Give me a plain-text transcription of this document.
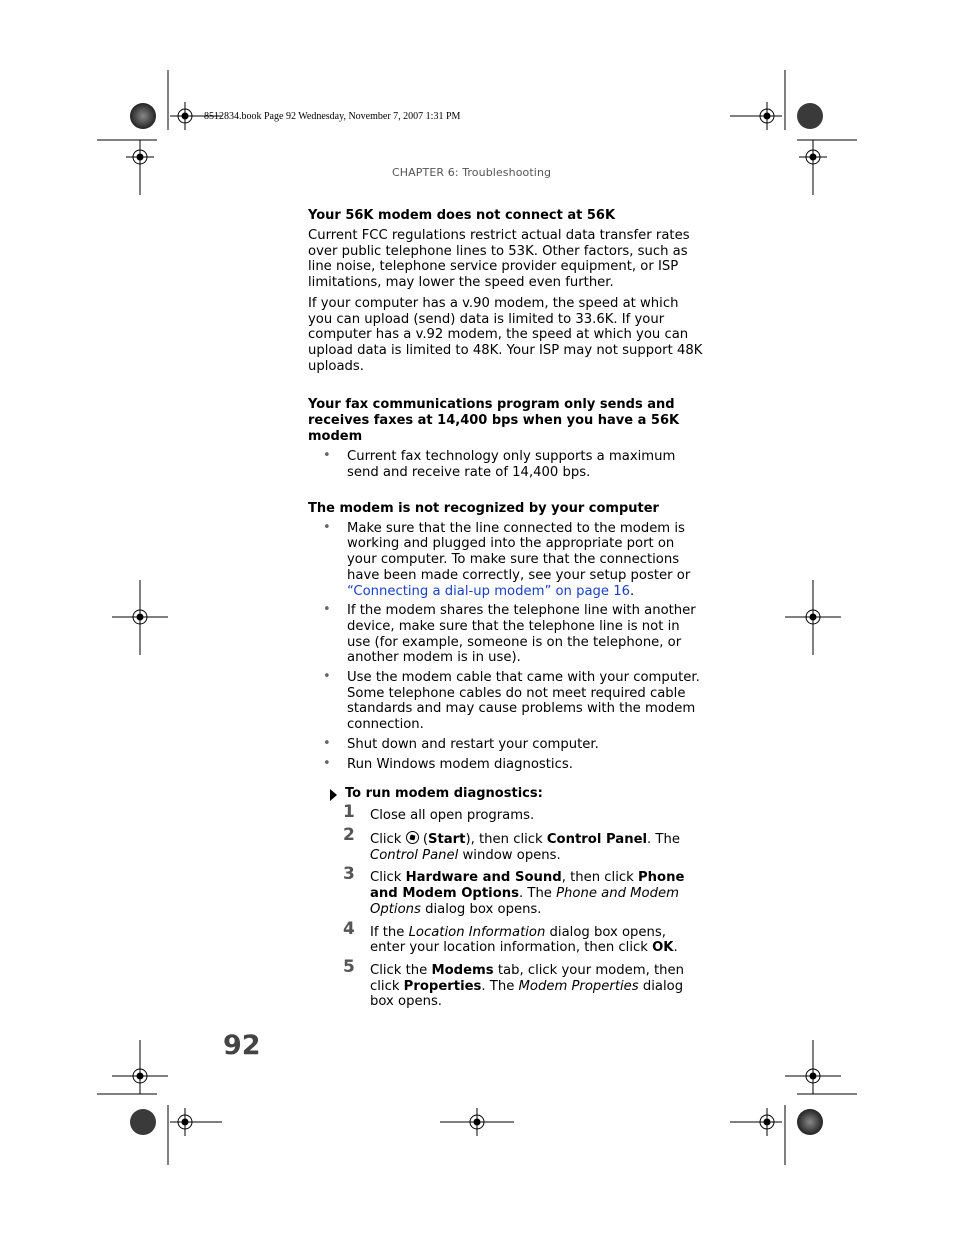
8512834.book Page 92 Wednesday, November 7, 2007 1:31 PM
CHAPTER 6: Troubleshooting
Your 56K modem does not connect at 56K
Current FCC regulations restrict actual data transfer rates over public telephone lines to 53K. Other factors, such as line noise, telephone service provider equipment, or ISP limitations, may lower the speed even further.
If your computer has a v.90 modem, the speed at which you can upload (send) data is limited to 33.6K. If your computer has a v.92 modem, the speed at which you can upload data is limited to 48K. Your ISP may not support 48K uploads.
Your fax communications program only sends and receives faxes at 14,400 bps when you have a 56K modem
• Current fax technology only supports a maximum send and receive rate of 14,400 bps.
The modem is not recognized by your computer
• Make sure that the line connected to the modem is working and plugged into the appropriate port on your computer. To make sure that the connections have been made correctly, see your setup poster or “Connecting a dial-up modem” on page 16.
• If the modem shares the telephone line with another device, make sure that the telephone line is not in use (for example, someone is on the telephone, or another modem is in use).
• Use the modem cable that came with your computer. Some telephone cables do not meet required cable standards and may cause problems with the modem connection.
• Shut down and restart your computer.
• Run Windows modem diagnostics.
To run modem diagnostics:
1 Close all open programs.
2 Click  (Start), then click Control Panel. The Control Panel window opens.
3 Click Hardware and Sound, then click Phone and Modem Options. The Phone and Modem Options dialog box opens.
4 If the Location Information dialog box opens, enter your location information, then click OK.
5 Click the Modems tab, click your modem, then click Properties. The Modem Properties dialog box opens.
92
